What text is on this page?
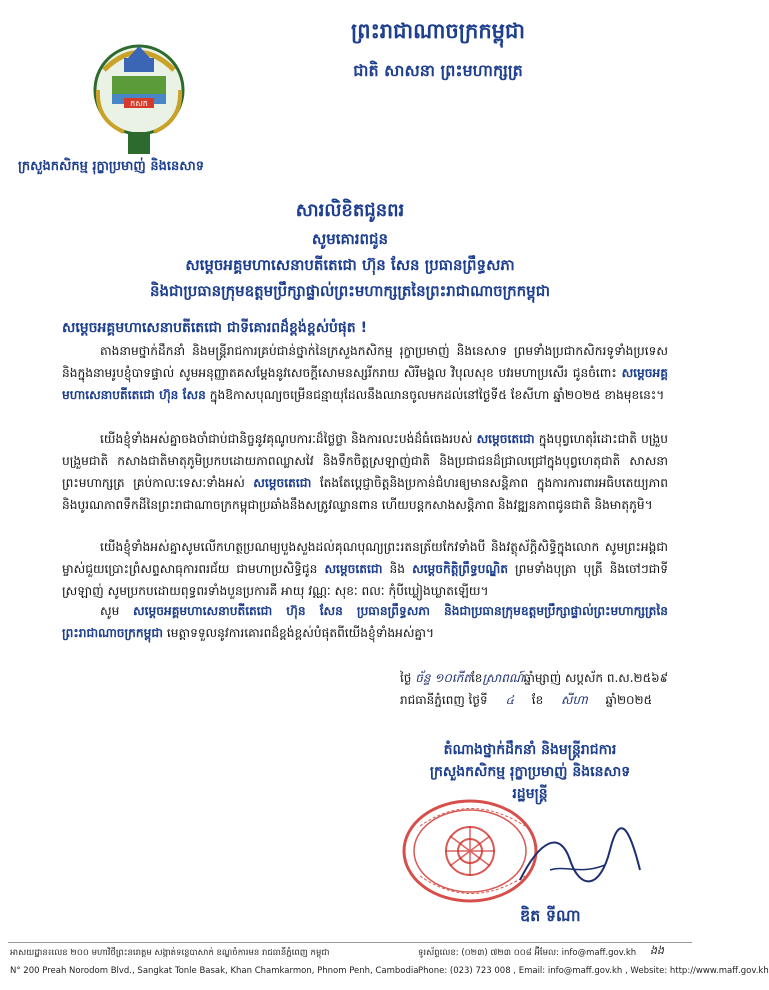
កសក
ក្រសួងកសិកម្ម រុក្ខាប្រមាញ់ និងនេសាទ
ព្រះរាជាណាចក្រកម្ពុជា
ជាតិ សាសនា ព្រះមហាក្សត្រ
សារលិខិតជូនពរ
សូមគោរពជូន
សម្ដេចអគ្គមហាសេនាបតីតេជោ ហ៊ុន សែន ប្រធានព្រឹទ្ធសភា
និងជាប្រធានក្រុមឧត្តមប្រឹក្សាផ្ទាល់ព្រះមហាក្សត្រនៃព្រះរាជាណាចក្រកម្ពុជា
សម្ដេចអគ្គមហាសេនាបតីតេជោ ជាទីគោរពដ៏ខ្ពង់ខ្ពស់បំផុត !
តាងនាមថ្នាក់ដឹកនាំ និងមន្ត្រីរាជការគ្រប់ជាន់ថ្នាក់នៃក្រសួងកសិកម្ម រុក្ខាប្រមាញ់ និងនេសាទ ព្រមទាំងប្រជាកសិករទូទាំងប្រទេស និងក្នុងនាមរូបខ្ញុំបាទផ្ទាល់ សូមអនុញ្ញាតគសម្ដែងនូវសេចក្ដីសោមនស្សរីករាយ សិរីមង្គល វិបុលសុខ បវរមហាប្រសើរ ជូនចំពោះ សម្ដេចអគ្គមហាសេនាបតីតេជោ ហ៊ុន សែន ក្នុងឱកាសបុណ្យចម្រើនជន្មាយុដែលនឹងឈានចូលមកដល់នៅថ្ងៃទី៥ ខែសីហា ឆ្នាំ២០២៥ ខាងមុខនេះ។
យើងខ្ញុំទាំងអស់គ្នាចងចាំជាប់ជានិច្ចនូវគុណូបការៈដ៏ថ្លៃថ្លា និងការលះបង់ដ៏ធំធេងរបស់ សម្ដេចតេជោ ក្នុងបុព្វហេតុរំដោះជាតិ បង្រួបបង្រួមជាតិ កសាងជាតិមាតុភូមិប្រកបដោយភាពឈ្លាសវៃ និងទឹកចិត្តស្រឡាញ់ជាតិ និងប្រជាជនដ៏ជ្រាលជ្រៅក្នុងបុព្វហេតុជាតិ សាសនា ព្រះមហាក្សត្រ គ្រប់កាលៈទេសៈទាំងអស់ សម្ដេចតេជោ តែងតែប្ដេជ្ញាចិត្តនិងប្រកាន់ជំហរឲ្យមានសន្តិភាព ក្នុងការការពារអធិបតេយ្យភាព និងបូរណភាពទឹកដីនៃព្រះរាជាណាចក្រកម្ពុជាប្រឆាំងនឹងសត្រូវឈ្លានពាន ហើយបន្តកសាងសន្តិភាព និងវឌ្ឍនភាពជូនជាតិ និងមាតុភូមិ។
យើងខ្ញុំទាំងអស់គ្នាសូមលើកហត្ថប្រណម្យបួងសួងដល់គុណបុណ្យព្រះរតនត្រ័យកែវទាំងបី និងវត្ថុស័ក្ដិសិទ្ធិក្នុងលោក សូមព្រះអង្គជាម្ចាស់ជួយប្រោះព្រំសព្ទសាធុការពរជ័យ ជាមហាប្រសិទ្ធិជូន សម្ដេចតេជោ និង សម្ដេចកិត្តិព្រឹទ្ធបណ្ឌិត ព្រមទាំងបុត្រា បុត្រី និងចៅៗជាទីស្រឡាញ់ សូមប្រកបដោយពុទ្ធពរទាំងបួនប្រការគឺ អាយុ វណ្ណៈ សុខៈ ពលៈ កុំបីឃ្លៀងឃ្លាតឡើយ។
សូម សម្ដេចអគ្គមហាសេនាបតីតេជោ ហ៊ុន សែន ប្រធានព្រឹទ្ធសភា និងជាប្រធានក្រុមឧត្តមប្រឹក្សាផ្ទាល់ព្រះមហាក្សត្រនៃព្រះរាជាណាចក្រកម្ពុជា មេត្តាទទួលនូវការគោរពដ៏ខ្ពង់ខ្ពស់បំផុតពីយើងខ្ញុំទាំងអស់គ្នា។
ថ្ងៃ ច័ន្ទ ១០កើតខែស្រាពណ៍ឆ្នាំម្សាញ់ សប្តស័ក ព.ស.២៥៦៩
រាជធានីភ្នំពេញ ថ្ងៃទី ៤ ខែ សីហា ឆ្នាំ២០២៥
តំណាងថ្នាក់ដឹកនាំ និងមន្ត្រីរាជការ
ក្រសួងកសិកម្ម រុក្ខាប្រមាញ់ និងនេសាទ
រដ្ឋមន្ត្រី
ឌិត ទីណា
អាសយដ្ឋាន៖លេខ ២០០ មហាវិថីព្រះនរោត្តម សង្កាត់ទន្លេបាសាក់ ខណ្ឌចំការមន រាជធានីភ្នំពេញ កម្ពុជា
N° 200 Preah Norodom Blvd., Sangkat Tonle Basak, Khan Chamkarmon, Phnom Penh, Cambodia
ទូរស័ព្ទលេខ: (០២៣) ៧២៣ ០០៨ អ៊ីមែល: info@maff.gov.kh
Phone: (023) 723 008 , Email: info@maff.gov.kh , Website: http://www.maff.gov.kh
ងង
